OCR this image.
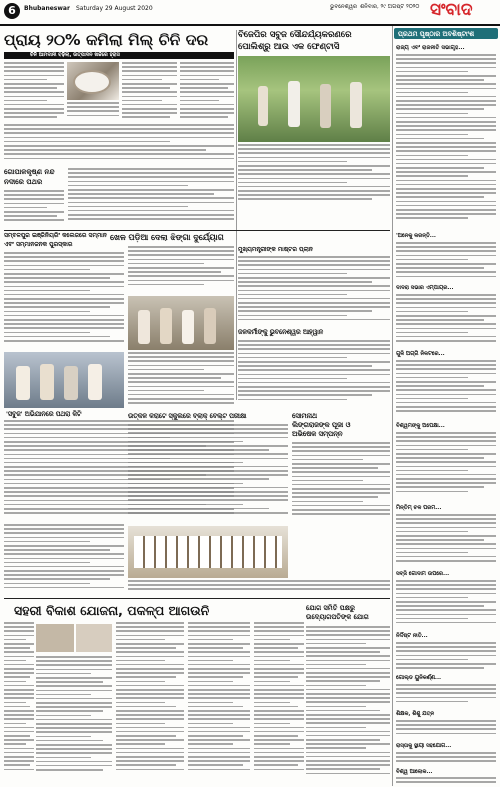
6	Bhubaneswar Saturday 29 August 2020	ଭୁବନେଶ୍ୱର ଶନିବାର, ୨୯ ଅଗଷ୍ଟ ୨୦୨୦ ସଂବାଦ
ପ୍ରାୟ ୨୦% କମିଲା ମିଲ୍ ଚିନି ଦର
ଚିନି ଆମଦାନୀ ବଢ଼ିଲା, ଉତ୍ପାଦନ ଖର୍ଚ୍ଚରେ ହ୍ରାସ
ବିଜେପିର ସବୁଜ ସୌନ୍ଦର୍ଯ୍ୟକରଣରେ
ପୋଲିଶ୍‌ରୁ ଆଉ ଏକ ଫେଣ୍ଟାସି
ପ୍ରଥମ ପୃଷ୍ଠାର ଅବଶିଷ୍ଟାଂଶ
ଗୋପାଳକୃଷ୍ଣ ନନ୍ଦ
ନଦୀରେ ପଥର
ଖେଳ ପଡ଼ିଆ ଦେଲା ଝିଙ୍ଗା ଦୁର୍ଯ୍ୟୋଗ
ସମ୍ବଳପୁର ଇଞ୍ଜିନିୟରିଂ କଲେଜରେ ସମ୍ମାନ
ଏବଂ ସମ୍ମାନଜନକ ପୁରସ୍କାର
ମୁଖ୍ୟମନ୍ତ୍ରୀଙ୍କ ମାଷ୍ଟର ପ୍ଲାନ
'ସବୁଜ' ଅଭିଯାନରେ ପଥରା କିଟି
ଜଳକର୍ମୀଙ୍କୁ ଭୁବନେଶ୍ୱର ଆହ୍ୱାନ
ଉତ୍କଳ କରାଟେ ସ୍କୁଲରେ ବ୍ଲାକ୍ ବେଲ୍ଟ ପରୀକ୍ଷା	ସୋମନାଥ
ଲିଙ୍ଗରାଜଙ୍କ ପୂଜା ଓ
ଅଭିଷେକ ସମ୍ପନ୍ନ
ସହରୀ ବିକାଶ ଯୋଜନା, ପକଳ୍ପ ଆଗଉନି	ଯୋଗ ସମିତି ପକ୍ଷରୁ
ଉଦ୍ୟୋଗପତିଙ୍କ ଯୋଗ
ରାଜ୍ୟ ଏବଂ ରାଜନୀତି ସଭାଗୃହ...
'ଅନେକୁ କରନ୍ତି...
ଦାଦରା ସଭାର ଏମ୍ପାୟର...
ଗୁଳି ଅଗ୍ଗି ନିକଟରେ...
ବିଶ୍ୱମଙ୍କୁ ଅପେକ୍ଷା...
ମିନ୍ତିମ୍ ଚଳ ପରମ...
ସବ୍ଜି ଗୋଦାମ ଉପରେ...
ନିର୍ଦ୍ଦିଷ୍ଟ ନୀତି...
ଗୋଲ୍ଡ ୟୁନିକର୍ଣ୍ଣ...
ଶିକ୍ଷକ, ଶିଶୁ ଯତ୍ନ
ରାସ୍ତାକୁ ସ୍ଥାୟୀ ସହଯୋଗ...
ବିଶ୍ୱ ଆଲୋକ...
